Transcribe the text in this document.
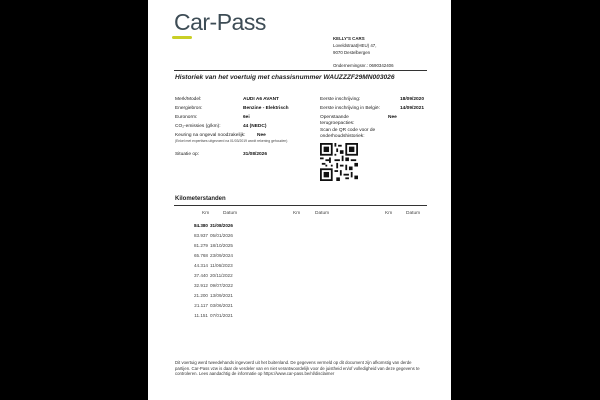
Car-Pass
KELLY'S CARS
Loveldstraat(HEU) 47,
9070 Destelbergen
Ondernemingsnr.: 0690342406
Historiek van het voertuig met chassisnummer WAUZZZF29MN003026
Merk/Model:	AUDI A6 AVANT
Energiebron:	Benzine - Elektrisch
Euronorm:	6ei
CO₂-emissies (g/km):	44 (NEDC)
Keuring na ongeval noodzakelijk: Nee
(Enkel met expertises uitgevoerd na 01/03/2019 wordt rekening gehouden)
Situatie op:	31/08/2026
Eerste inschrijving:	18/09/2020
Eerste inschrijving in België:	14/09/2021
Openstaande terugroepacties:
Nee
Scan de QR code voor de onderhoudshistoriek:
Kilometerstanden
Km	Datum	Km	Datum	Km	Datum
84.380 31/08/2026
83.937 05/01/2026
81.279 18/10/2025
65.768 23/09/2024
44.314 11/06/2023
37.440 20/11/2022
32.912 09/07/2022
21.200 13/09/2021
21.117 03/06/2021
11.151 07/01/2021
Dit voertuig werd tweedehands ingevoerd uit het buitenland. De gegevens vermeld op dit document zijn afkomstig van derde partijen. Car-Pass vzw is daar de verdeler van en niet verantwoordelijk voor de juistheid en/of volledigheid van deze gegevens te controleren. Lees aandachtig de informatie op https://www.car-pass.be/nl/disclaimer
